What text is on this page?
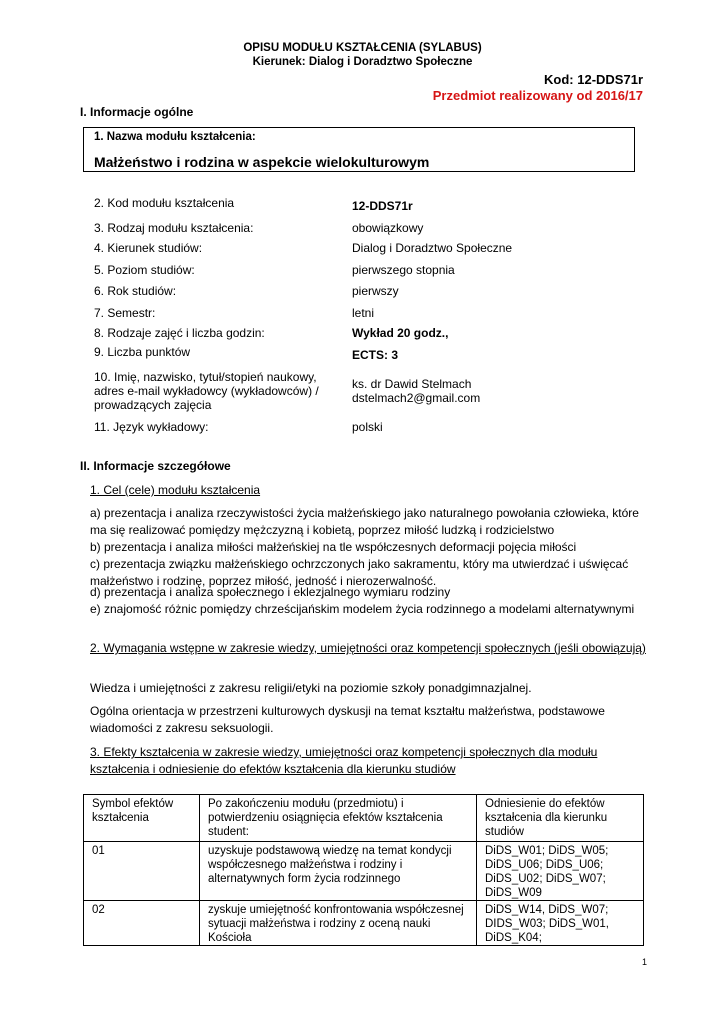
OPISU MODUŁU KSZTAŁCENIA (SYLABUS)
Kierunek: Dialog i Doradztwo Społeczne
Kod: 12-DDS71r
Przedmiot realizowany od 2016/17
I. Informacje ogólne
1. Nazwa modułu kształcenia:
Małżeństwo i rodzina w aspekcie wielokulturowym
2. Kod modułu kształcenia	12-DDS71r
3. Rodzaj modułu kształcenia:	obowiązkowy
4. Kierunek studiów:	Dialog i Doradztwo Społeczne
5. Poziom studiów:	pierwszego stopnia
6. Rok studiów:	pierwszy
7. Semestr:	letni
8. Rodzaje zajęć i liczba godzin:	Wykład 20 godz.,
9. Liczba punktów	ECTS: 3
10. Imię, nazwisko, tytuł/stopień naukowy, adres e-mail wykładowcy (wykładowców) / prowadzących zajęcia
ks. dr Dawid Stelmach dstelmach2@gmail.com
11. Język wykładowy:	polski
II. Informacje szczegółowe
1. Cel (cele) modułu kształcenia
a) prezentacja i analiza rzeczywistości życia małżeńskiego jako naturalnego powołania człowieka, które ma się realizować pomiędzy mężczyzną i kobietą, poprzez miłość ludzką i rodzicielstwo
b) prezentacja i analiza miłości małżeńskiej na tle współczesnych deformacji pojęcia miłości
c) prezentacja związku małżeńskiego ochrzczonych jako sakramentu, który ma utwierdzać i uświęcać małżeństwo i rodzinę, poprzez miłość, jedność i nierozerwalność.
d) prezentacja i analiza społecznego i eklezjalnego wymiaru rodziny
e) znajomość różnic pomiędzy chrześcijańskim modelem życia rodzinnego a modelami alternatywnymi
2. Wymagania wstępne w zakresie wiedzy, umiejętności oraz kompetencji społecznych (jeśli obowiązują)
Wiedza i umiejętności z zakresu religii/etyki na poziomie szkoły ponadgimnazjalnej.
Ogólna orientacja w przestrzeni kulturowych dyskusji na temat kształtu małżeństwa, podstawowe wiadomości z zakresu seksuologii.
3. Efekty kształcenia w zakresie wiedzy, umiejętności oraz kompetencji społecznych dla modułu kształcenia i odniesienie do efektów kształcenia dla kierunku studiów
Symbol efektów kształcenia	Po zakończeniu modułu (przedmiotu) i potwierdzeniu osiągnięcia efektów kształcenia student:	Odniesienie do efektów kształcenia dla kierunku studiów
01	uzyskuje podstawową wiedzę na temat kondycji współczesnego małżeństwa i rodziny i alternatywnych form życia rodzinnego	DiDS_W01; DiDS_W05; DiDS_U06; DiDS_U06; DiDS_U02; DiDS_W07; DiDS_W09
02	zyskuje umiejętność konfrontowania współczesnej sytuacji małżeństwa i rodziny z oceną nauki Kościoła	DiDS_W14, DiDS_W07; DIDS_W03; DiDS_W01, DiDS_K04;
1
